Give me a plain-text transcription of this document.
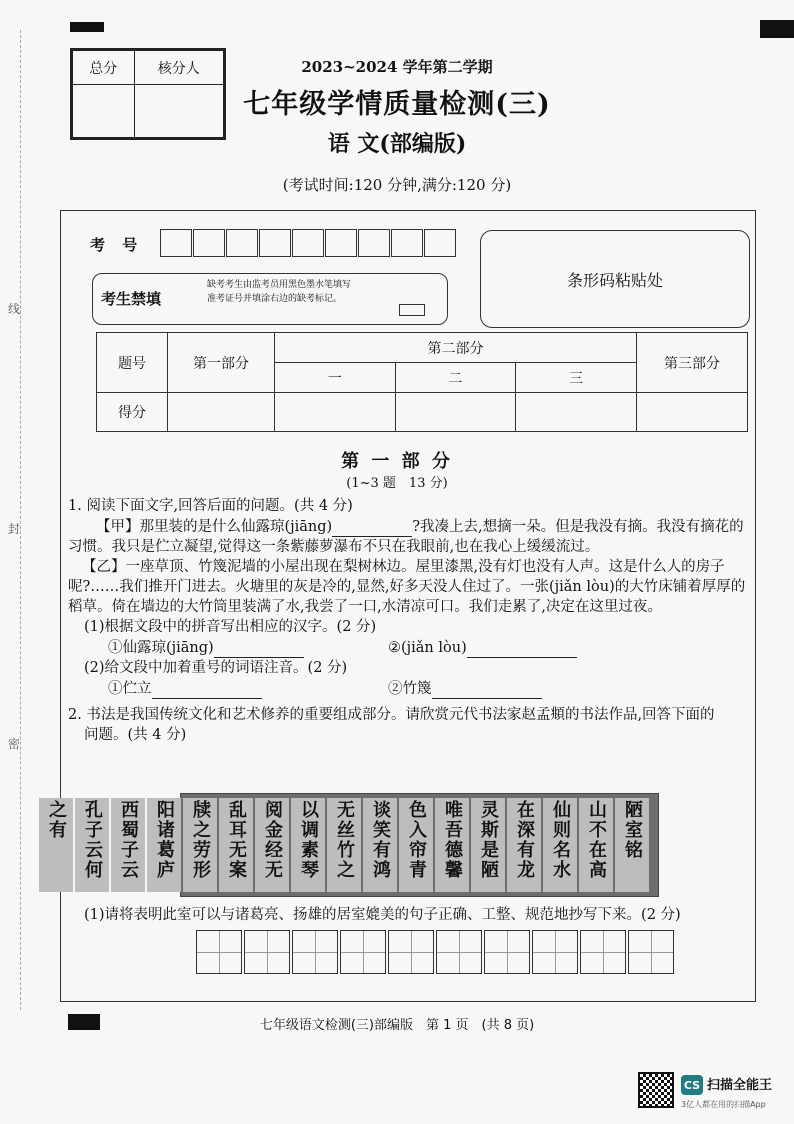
线
封
密
总分	核分人
		2023~2024 学年第二学期
七年级学情质量检测(三)
语 文(部编版)
(考试时间:120 分钟,满分:120 分)
考 号
条形码粘贴处
考生禁填
缺考考生由监考员用黑色墨水笔填写准考证号并填涂右边的缺考标记。
题号	第一部分	第二部分			第三部分
		一	二	三	
得分					
第 一 部 分
(1~3 题　13 分)
1. 阅读下面文字,回答后面的问题。(共 4 分)
【甲】那里装的是什么仙露琼(jiāng)	?我凑上去,想摘一朵。但是我没有摘。我没有摘花的习惯。我只是伫立凝望,觉得这一条紫藤萝瀑布不只在我眼前,也在我心上缓缓流过。
【乙】一座草顶、竹篾泥墙的小屋出现在梨树林边。屋里漆黑,没有灯也没有人声。这是什么人的房子呢?……我们推开门进去。火塘里的灰是冷的,显然,好多天没人住过了。一张(jiǎn lòu)的大竹床铺着厚厚的稻草。倚在墙边的大竹筒里装满了水,我尝了一口,水清凉可口。我们走累了,决定在这里过夜。
(1)根据文段中的拼音写出相应的汉字。(2 分)
①仙露琼(jiāng)	②(jiǎn lòu)
(2)给文段中加着重号的词语注音。(2 分)
①伫立	②竹篾
2. 书法是我国传统文化和艺术修养的重要组成部分。请欣赏元代书法家赵孟頫的书法作品,回答下面的
问题。(共 4 分)
陋室铭
山不在高
仙则名水
在深有龙
灵斯是陋
唯吾德馨
色入帘青
谈笑有鸿
无丝竹之
以调素琴
阅金经无
乱耳无案
牍之劳形
阳诸葛庐
西蜀子云
孔子云何
之有
(1)请将表明此室可以与诸葛亮、扬雄的居室媲美的句子正确、工整、规范地抄写下来。(2 分)
七年级语文检测(三)部编版　第 1 页　(共 8 页)
CS 扫描全能王
3亿人都在用的扫描App
